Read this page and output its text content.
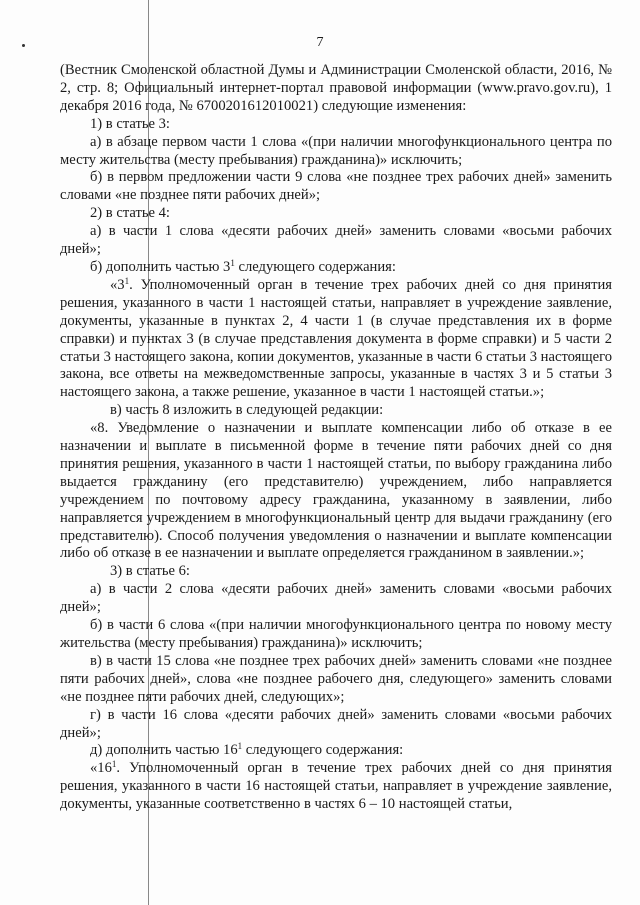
7

(Вестник Смоленской областной Думы и Администрации Смоленской области, 2016, № 2, стр. 8; Официальный интернет-портал правовой информации (www.pravo.gov.ru), 1 декабря 2016 года, № 6700201612010021) следующие изменения:

1) в статье 3:

а) в абзаце первом части 1 слова «(при наличии многофункционального центра по месту жительства (месту пребывания) гражданина)» исключить;

б) в первом предложении части 9 слова «не позднее трех рабочих дней» заменить словами «не позднее пяти рабочих дней»;

2) в статье 4:

а) в части 1 слова «десяти рабочих дней» заменить словами «восьми рабочих дней»;

б) дополнить частью $3^1$ следующего содержания:

«$3^1$. Уполномоченный орган в течение трех рабочих дней со дня принятия решения, указанного в части 1 настоящей статьи, направляет в учреждение заявление, документы, указанные в пунктах 2, 4 части 1 (в случае представления их в форме справки) и пунктах 3 (в случае представления документа в форме справки) и 5 части 2 статьи 3 настоящего закона, копии документов, указанные в части 6 статьи 3 настоящего закона, все ответы на межведомственные запросы, указанные в частях 3 и 5 статьи 3 настоящего закона, а также решение, указанное в части 1 настоящей статьи.»;

в) часть 8 изложить в следующей редакции:

«8. Уведомление о назначении и выплате компенсации либо об отказе в ее назначении и выплате в письменной форме в течение пяти рабочих дней со дня принятия решения, указанного в части 1 настоящей статьи, по выбору гражданина либо выдается гражданину (его представителю) учреждением, либо направляется учреждением по почтовому адресу гражданина, указанному в заявлении, либо направляется учреждением в многофункциональный центр для выдачи гражданину (его представителю). Способ получения уведомления о назначении и выплате компенсации либо об отказе в ее назначении и выплате определяется гражданином в заявлении.»;

3) в статье 6:

а) в части 2 слова «десяти рабочих дней» заменить словами «восьми рабочих дней»;

б) в части 6 слова «(при наличии многофункционального центра по новому месту жительства (месту пребывания) гражданина)» исключить;

в) в части 15 слова «не позднее трех рабочих дней» заменить словами «не позднее пяти рабочих дней», слова «не позднее рабочего дня, следующего» заменить словами «не позднее пяти рабочих дней, следующих»;

г) в части 16 слова «десяти рабочих дней» заменить словами «восьми рабочих дней»;

д) дополнить частью $16^1$ следующего содержания:

«$16^1$. Уполномоченный орган в течение трех рабочих дней со дня принятия решения, указанного в части 16 настоящей статьи, направляет в учреждение заявление, документы, указанные соответственно в частях 6 – 10 настоящей статьи,
